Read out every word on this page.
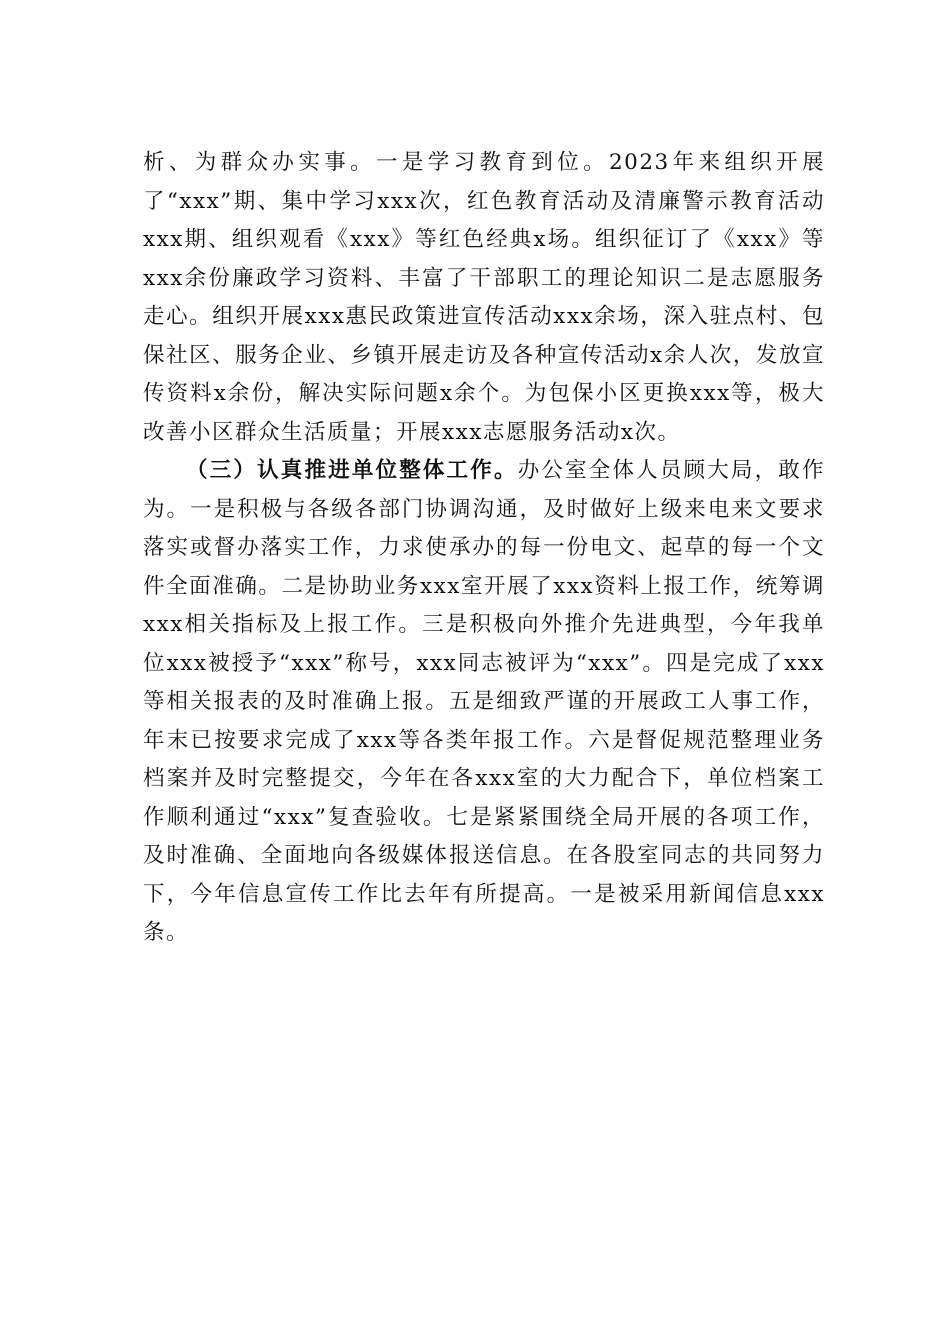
析、为群众办实事。一是学习教育到位。2023年来组织开展了“xxx”期、集中学习xxx次，红色教育活动及清廉警示教育活动xxx期、组织观看《xxx》等红色经典x场。组织征订了《xxx》等xxx余份廉政学习资料、丰富了干部职工的理论知识二是志愿服务走心。组织开展xxx惠民政策进宣传活动xxx余场，深入驻点村、包保社区、服务企业、乡镇开展走访及各种宣传活动x余人次，发放宣传资料x余份，解决实际问题x余个。为包保小区更换xxx等，极大改善小区群众生活质量；开展xxx志愿服务活动x次。

（三）认真推进单位整体工作。办公室全体人员顾大局，敢作为。一是积极与各级各部门协调沟通，及时做好上级来电来文要求落实或督办落实工作，力求使承办的每一份电文、起草的每一个文件全面准确。二是协助业务xxx室开展了xxx资料上报工作，统筹调xxx相关指标及上报工作。三是积极向外推介先进典型，今年我单位xxx被授予“xxx”称号，xxx同志被评为“xxx”。四是完成了xxx等相关报表的及时准确上报。五是细致严谨的开展政工人事工作，年末已按要求完成了xxx等各类年报工作。六是督促规范整理业务档案并及时完整提交，今年在各xxx室的大力配合下，单位档案工作顺利通过“xxx”复查验收。七是紧紧围绕全局开展的各项工作，及时准确、全面地向各级媒体报送信息。在各股室同志的共同努力下，今年信息宣传工作比去年有所提高。一是被采用新闻信息xxx条。
